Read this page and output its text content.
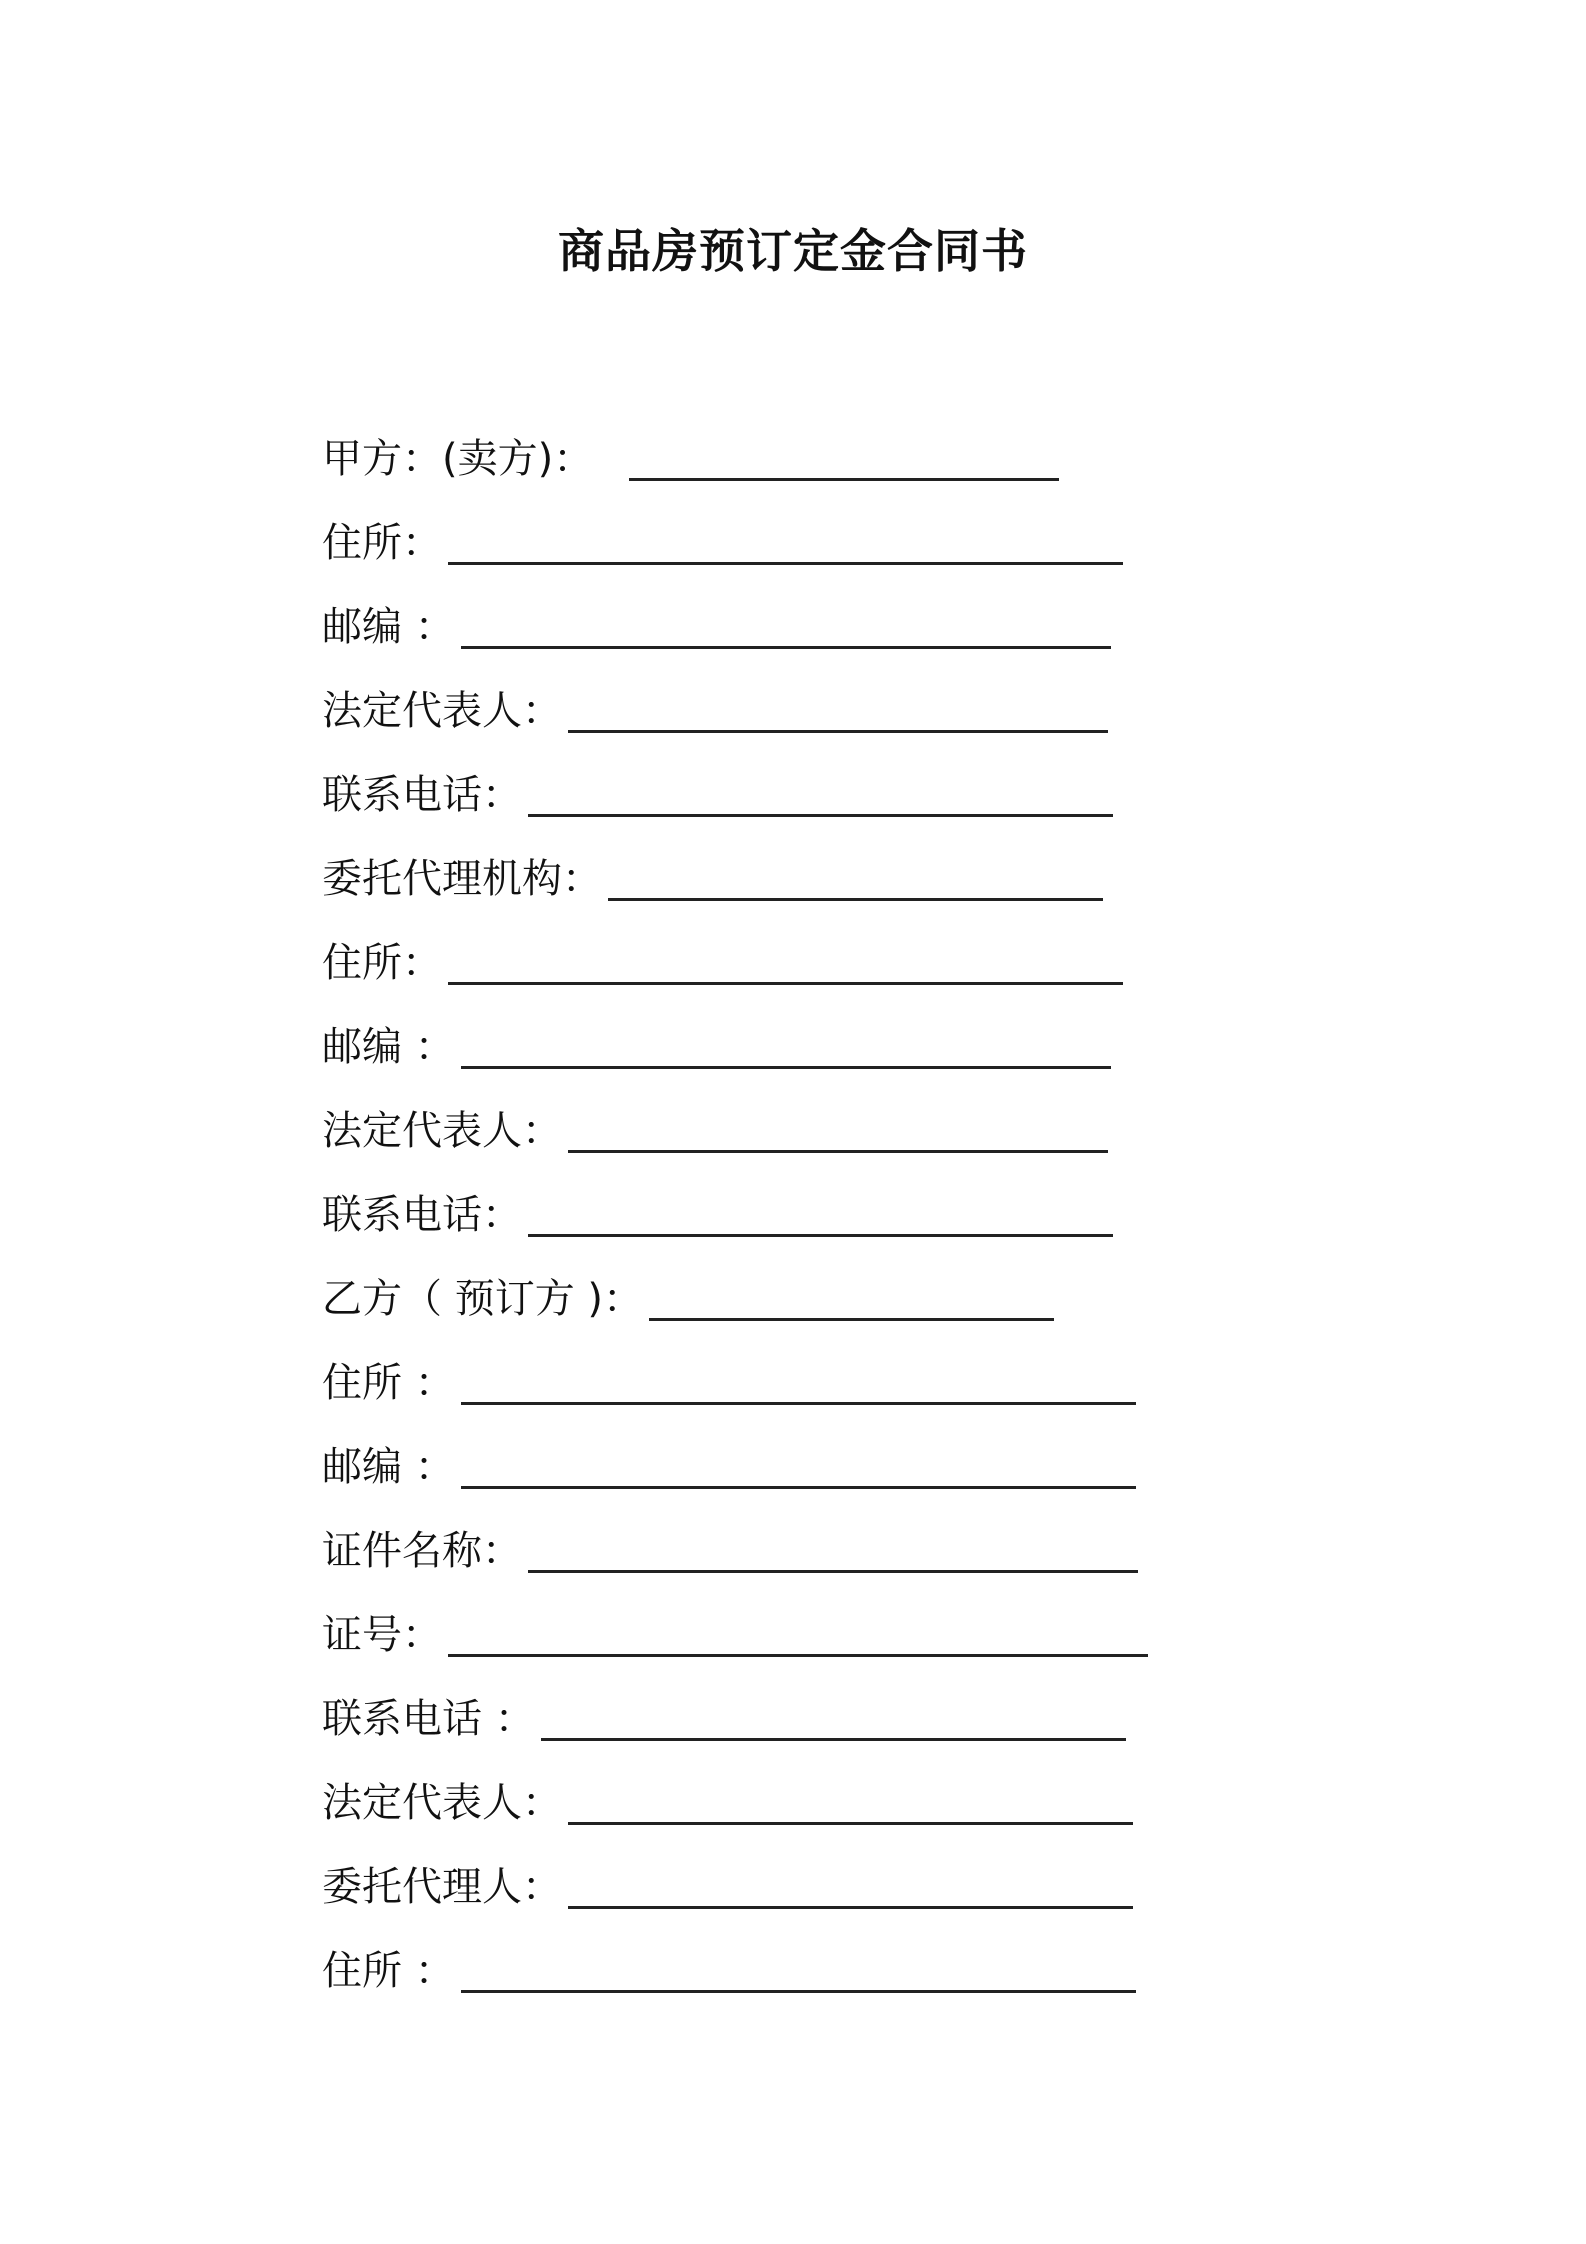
商品房预订定金合同书
甲方：(卖方)：
住所：
邮编 ：
法定代表人：
联系电话：
委托代理机构：
住所：
邮编 ：
法定代表人：
联系电话：
乙方（ 预订方 )：
住所 ：
邮编 ：
证件名称：
证号：
联系电话 ：
法定代表人：
委托代理人：
住所 ：
